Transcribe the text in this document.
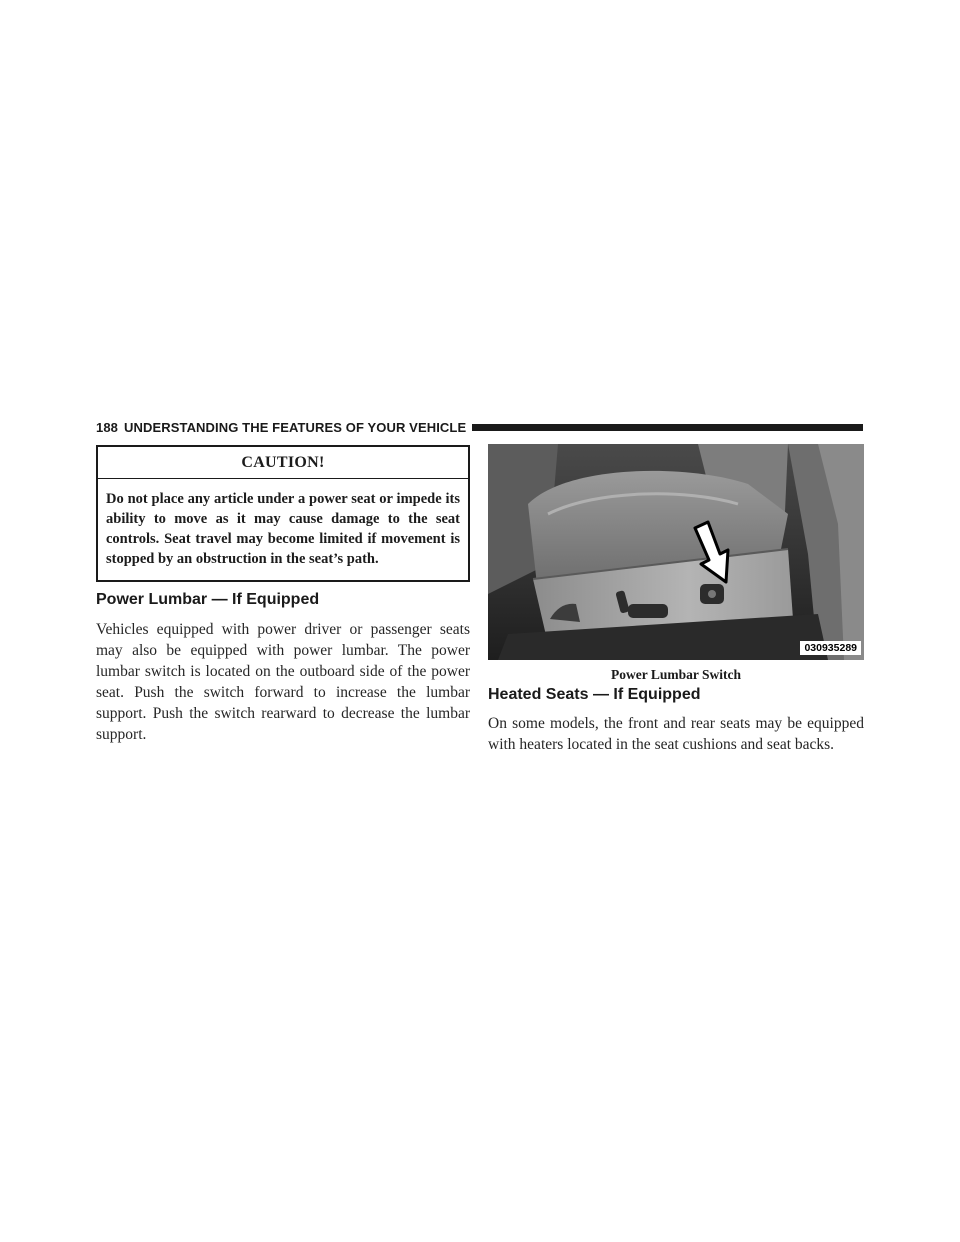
188 UNDERSTANDING THE FEATURES OF YOUR VEHICLE
CAUTION!
Do not place any article under a power seat or impede its ability to move as it may cause damage to the seat controls. Seat travel may become limited if movement is stopped by an obstruction in the seat’s path.
Power Lumbar — If Equipped
Vehicles equipped with power driver or passenger seats may also be equipped with power lumbar. The power lumbar switch is located on the outboard side of the power seat. Push the switch forward to increase the lumbar support. Push the switch rearward to decrease the lumbar support.
030935289
Power Lumbar Switch
Heated Seats — If Equipped
On some models, the front and rear seats may be equipped with heaters located in the seat cushions and seat backs.
